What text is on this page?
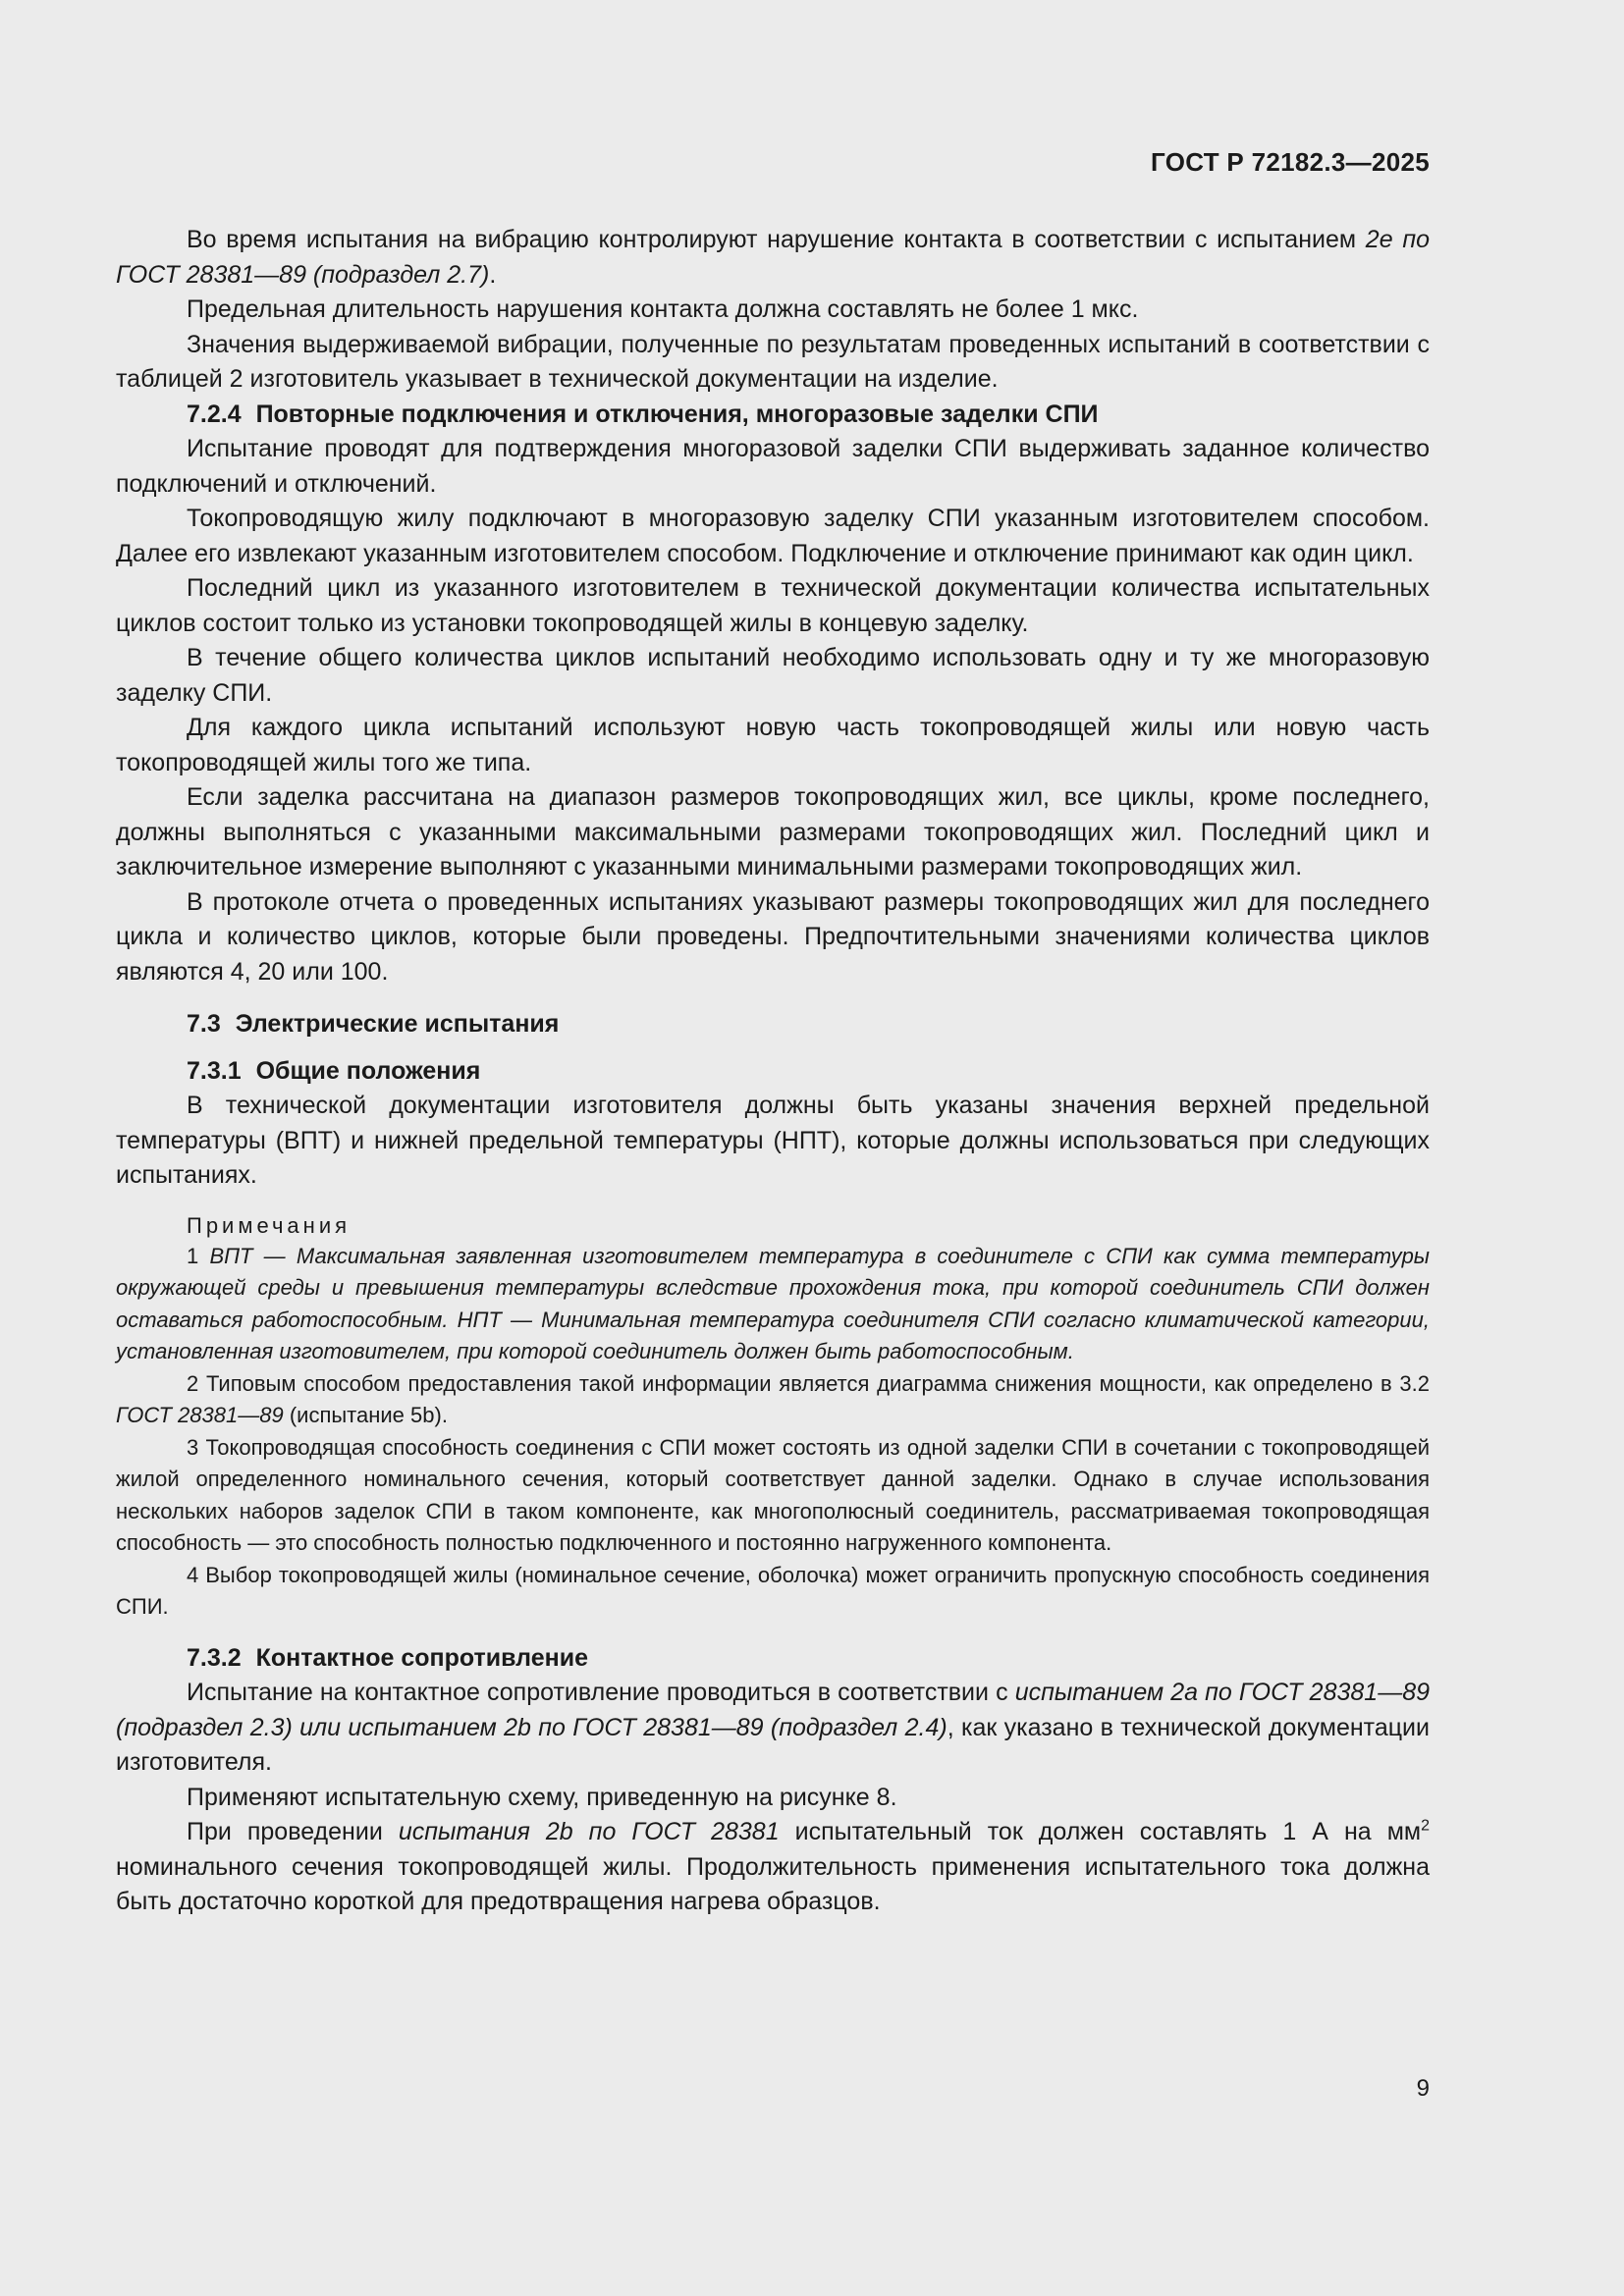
ГОСТ Р 72182.3—2025

Во время испытания на вибрацию контролируют нарушение контакта в соответствии с испытанием 2е по ГОСТ 28381—89 (подраздел 2.7).

Предельная длительность нарушения контакта должна составлять не более 1 мкс.

Значения выдерживаемой вибрации, полученные по результатам проведенных испытаний в соответствии с таблицей 2 изготовитель указывает в технической документации на изделие.

7.2.4 Повторные подключения и отключения, многоразовые заделки СПИ

Испытание проводят для подтверждения многоразовой заделки СПИ выдерживать заданное количество подключений и отключений.

Токопроводящую жилу подключают в многоразовую заделку СПИ указанным изготовителем способом. Далее его извлекают указанным изготовителем способом. Подключение и отключение принимают как один цикл.

Последний цикл из указанного изготовителем в технической документации количества испытательных циклов состоит только из установки токопроводящей жилы в концевую заделку.

В течение общего количества циклов испытаний необходимо использовать одну и ту же многоразовую заделку СПИ.

Для каждого цикла испытаний используют новую часть токопроводящей жилы или новую часть токопроводящей жилы того же типа.

Если заделка рассчитана на диапазон размеров токопроводящих жил, все циклы, кроме последнего, должны выполняться с указанными максимальными размерами токопроводящих жил. Последний цикл и заключительное измерение выполняют с указанными минимальными размерами токопроводящих жил.

В протоколе отчета о проведенных испытаниях указывают размеры токопроводящих жил для последнего цикла и количество циклов, которые были проведены. Предпочтительными значениями количества циклов являются 4, 20 или 100.

7.3 Электрические испытания
7.3.1 Общие положения

В технической документации изготовителя должны быть указаны значения верхней предельной температуры (ВПТ) и нижней предельной температуры (НПТ), которые должны использоваться при следующих испытаниях.

Примечания

1 ВПТ — Максимальная заявленная изготовителем температура в соединителе с СПИ как сумма температуры окружающей среды и превышения температуры вследствие прохождения тока, при которой соединитель СПИ должен оставаться работоспособным. НПТ — Минимальная температура соединителя СПИ согласно климатической категории, установленная изготовителем, при которой соединитель должен быть работоспособным.

2 Типовым способом предоставления такой информации является диаграмма снижения мощности, как определено в 3.2 ГОСТ 28381—89 (испытание 5b).

3 Токопроводящая способность соединения с СПИ может состоять из одной заделки СПИ в сочетании с токопроводящей жилой определенного номинального сечения, который соответствует данной заделки. Однако в случае использования нескольких наборов заделок СПИ в таком компоненте, как многополюсный соединитель, рассматриваемая токопроводящая способность — это способность полностью подключенного и постоянно нагруженного компонента.

4 Выбор токопроводящей жилы (номинальное сечение, оболочка) может ограничить пропускную способность соединения СПИ.

7.3.2 Контактное сопротивление

Испытание на контактное сопротивление проводиться в соответствии с испытанием 2а по ГОСТ 28381—89 (подраздел 2.3) или испытанием 2b по ГОСТ 28381—89 (подраздел 2.4), как указано в технической документации изготовителя.

Применяют испытательную схему, приведенную на рисунке 8.

При проведении испытания 2b по ГОСТ 28381 испытательный ток должен составлять 1 А на $мм^2$ номинального сечения токопроводящей жилы. Продолжительность применения испытательного тока должна быть достаточно короткой для предотвращения нагрева образцов.

9
